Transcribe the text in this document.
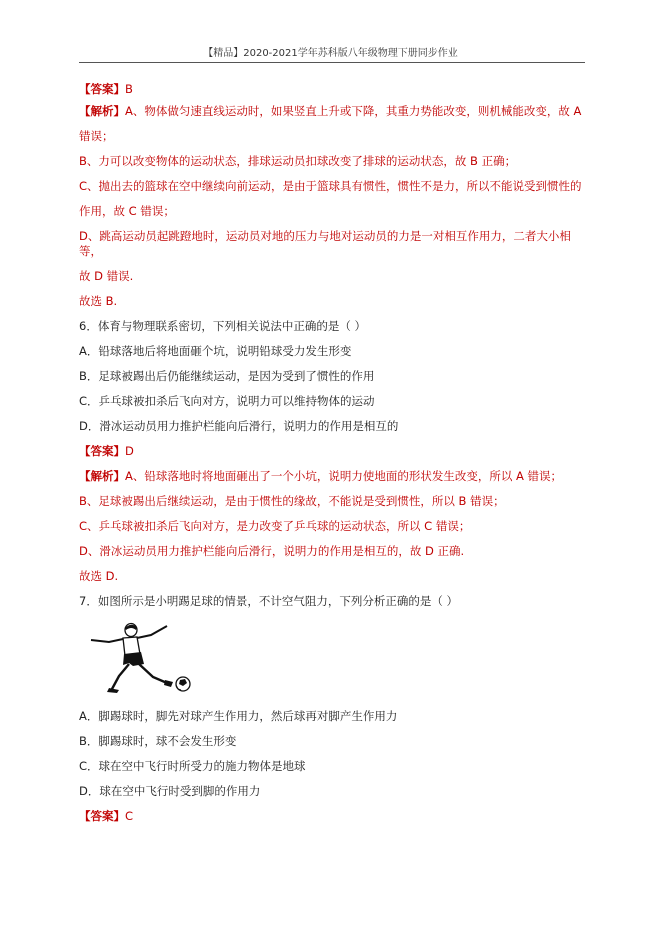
【精品】2020-2021学年苏科版八年级物理下册同步作业

【答案】B

【解析】A、物体做匀速直线运动时，如果竖直上升或下降，其重力势能改变，则机械能改变，故 A

错误；

B、力可以改变物体的运动状态，排球运动员扣球改变了排球的运动状态，故 B 正确；

C、抛出去的篮球在空中继续向前运动，是由于篮球具有惯性，惯性不是力，所以不能说受到惯性的

作用，故 C 错误；

D、跳高运动员起跳蹬地时，运动员对地的压力与地对运动员的力是一对相互作用力，二者大小相等，

故 D 错误.

故选 B.

6．体育与物理联系密切，下列相关说法中正确的是（ ）

A．铅球落地后将地面砸个坑，说明铅球受力发生形变

B．足球被踢出后仍能继续运动，是因为受到了惯性的作用

C．乒乓球被扣杀后飞向对方，说明力可以维持物体的运动

D．滑冰运动员用力推护栏能向后滑行，说明力的作用是相互的

【答案】D

【解析】A、铅球落地时将地面砸出了一个小坑，说明力使地面的形状发生改变，所以 A 错误；

B、足球被踢出后继续运动，是由于惯性的缘故，不能说是受到惯性，所以 B 错误；

C、乒乓球被扣杀后飞向对方，是力改变了乒乓球的运动状态，所以 C 错误；

D、滑冰运动员用力推护栏能向后滑行，说明力的作用是相互的，故 D 正确.

故选 D.

7．如图所示是小明踢足球的情景，不计空气阻力，下列分析正确的是（ ）

A．脚踢球时，脚先对球产生作用力，然后球再对脚产生作用力

B．脚踢球时，球不会发生形变

C．球在空中飞行时所受力的施力物体是地球

D．球在空中飞行时受到脚的作用力

【答案】C
